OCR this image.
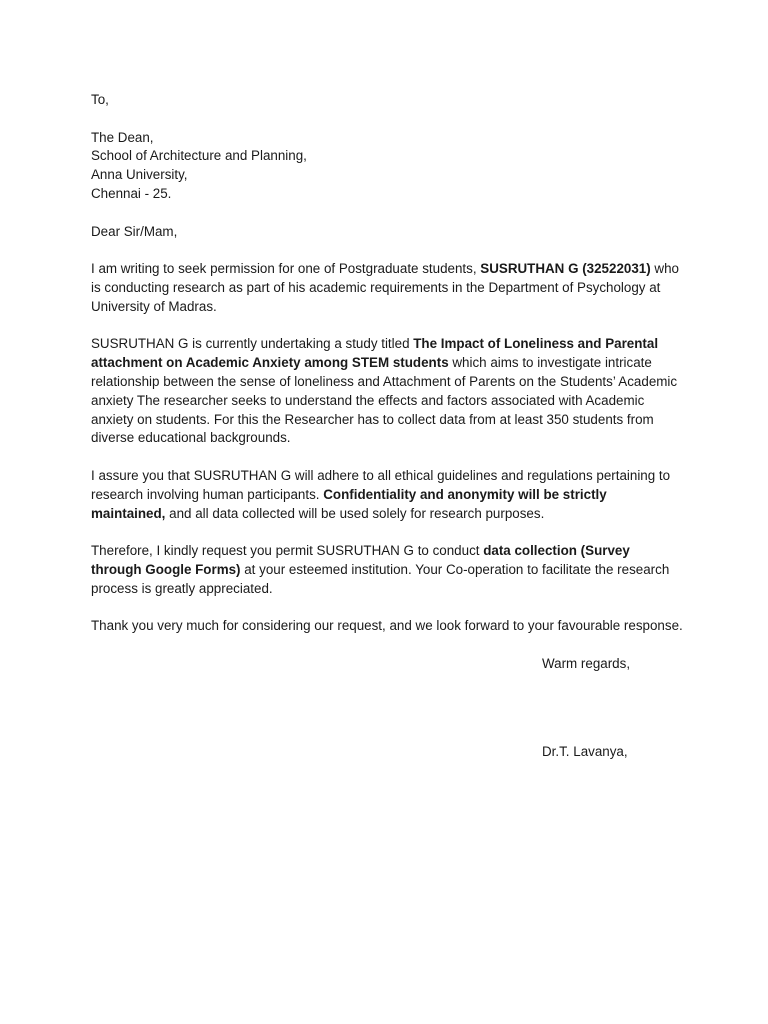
To,

The Dean,
School of Architecture and Planning,
Anna University,
Chennai - 25.

Dear Sir/Mam,

I am writing to seek permission for one of Postgraduate students, SUSRUTHAN G (32522031) who is conducting research as part of his academic requirements in the Department of Psychology at University of Madras.

SUSRUTHAN G is currently undertaking a study titled The Impact of Loneliness and Parental attachment on Academic Anxiety among STEM students which aims to investigate intricate relationship between the sense of loneliness and Attachment of Parents on the Students’ Academic anxiety The researcher seeks to understand the effects and factors associated with Academic anxiety on students. For this the Researcher has to collect data from at least 350 students from diverse educational backgrounds.

I assure you that SUSRUTHAN G will adhere to all ethical guidelines and regulations pertaining to research involving human participants. Confidentiality and anonymity will be strictly maintained, and all data collected will be used solely for research purposes.

Therefore, I kindly request you permit SUSRUTHAN G to conduct data collection (Survey through Google Forms) at your esteemed institution. Your Co-operation to facilitate the research process is greatly appreciated.

Thank you very much for considering our request, and we look forward to your favourable response.

Warm regards,
Dr.T. Lavanya,
